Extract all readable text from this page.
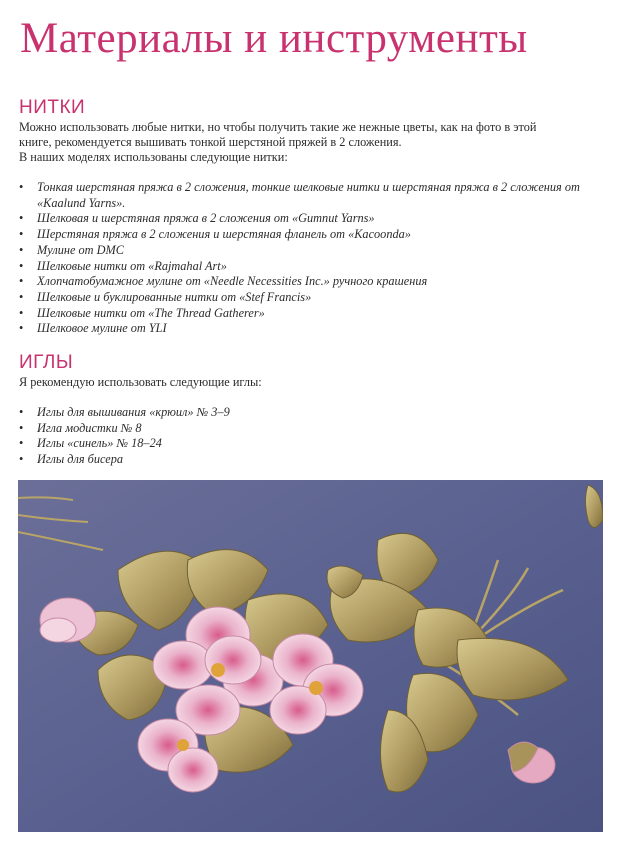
Материалы и инструменты
НИТКИ

Можно использовать любые нитки, но чтобы получить такие же нежные цветы, как на фото в этой
книге, рекомендуется вышивать тонкой шерстяной пряжей в 2 сложения.
В наших моделях использованы следующие нитки:

• Тонкая шерстяная пряжа в 2 сложения, тонкие шелковые нитки и шерстяная пряжа в 2 сложения от «Kaalund Yarns».
• Шелковая и шерстяная пряжа в 2 сложения от «Gumnut Yarns»
• Шерстяная пряжа в 2 сложения и шерстяная фланель от «Kacoonda»
• Мулине от DMC
• Шелковые нитки от «Rajmahal Art»
• Хлопчатобумажное мулине от «Needle Necessities Inc.» ручного крашения
• Шелковые и буклированные нитки от «Stef Francis»
• Шелковые нитки от «The Thread Gatherer»
• Шелковое мулине от YLI
ИГЛЫ

Я рекомендую использовать следующие иглы:

• Иглы для вышивания «крюил» № 3–9
• Игла модистки № 8
• Иглы «синель» № 18–24
• Иглы для бисера
